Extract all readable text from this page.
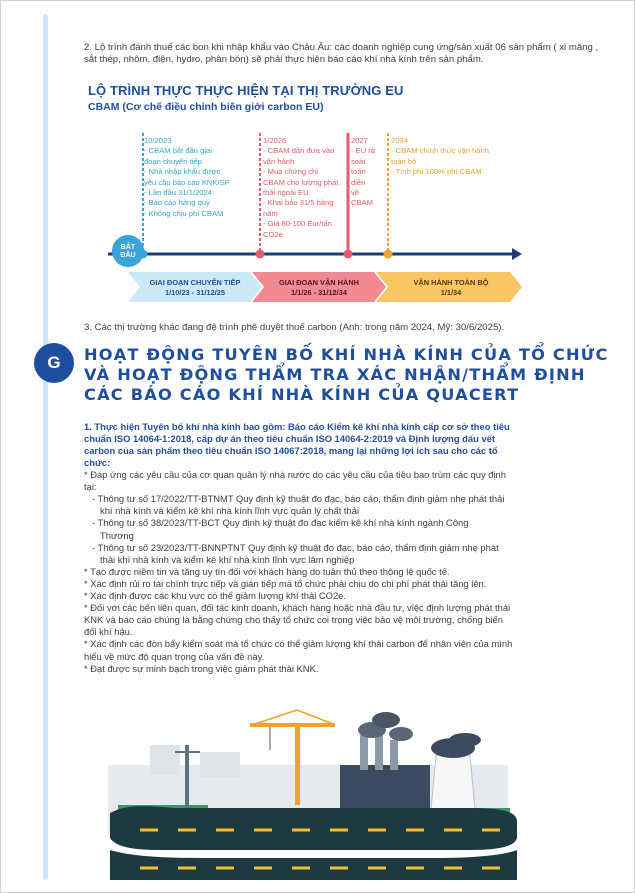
2. Lộ trình đánh thuế các bon khi nhập khẩu vào Châu Âu: các doanh nghiệp cung ứng/sản xuất 06 sản phẩm ( xi măng , sắt thép, nhôm, điện, hydro, phân bón) sẽ phải thực hiện báo cáo khí nhà kính trên sản phẩm.
LỘ TRÌNH THỰC THỰC HIỆN TẠI THỊ TRƯỜNG EU
CBAM (Cơ chế điều chỉnh biên giới carbon EU)
BẮT ĐẦU
10/2023
- CBAM bắt đầu giai
đoạn chuyển tiếp
- Nhà nhập khẩu được
yêu cầu báo cáo KNK/SP
- Lần đầu 31/1/2024
- Báo cáo hàng quý
- Không chịu phí CBAM
1/2026
- CBAM dần đưa vào
vận hành
- Mua chứng chỉ
CBAM cho lượng phát
thải ngoài EU
- Khai báo 31/5 hàng
năm
- Giá 80-100 Eur/tấn
CO2e
2027
- EU rà
soát
toàn
diện
về
CBAM
2034
- CBAM chính thức vận hành
toàn bộ
- Tính phí 100% phí CBAM
GIAI ĐOẠN CHUYỂN TIẾP
1/10/23 - 31/12/25
GIAI ĐOẠN VẬN HÀNH
1/1/26 - 31/12/34
VẬN HÀNH TOÀN BỘ
1/1/34
3. Các thị trường khác đang đệ trình phê duyệt thuế carbon (Anh: trong năm 2024, Mỹ: 30/6/2025).
G	HOẠT ĐỘNG TUYÊN BỐ KHÍ NHÀ KÍNH CỦA TỔ CHỨC
VÀ HOẠT ĐỘNG THẨM TRA XÁC NHẬN/THẨM ĐỊNH
CÁC BÁO CÁO KHÍ NHÀ KÍNH CỦA QUACERT
1. Thực hiện Tuyên bố khí nhà kính bao gồm: Báo cáo Kiểm kê khí nhà kính cấp cơ sở theo tiêu
chuẩn ISO 14064-1:2018, cấp dự án theo tiêu chuẩn ISO 14064-2:2019 và Định lượng dấu vết
carbon của sản phẩm theo tiêu chuẩn ISO 14067:2018, mang lại những lợi ích sau cho các tổ
chức:
* Đáp ứng các yêu cầu của cơ quan quản lý nhà nước do các yêu cầu của tiêu bao trùm các quy định
tại:
- Thông tư số 17/2022/TT-BTNMT Quy định kỹ thuật đo đạc, báo cáo, thẩm định giảm nhẹ phát thải
khí nhà kính và kiểm kê khí nhà kính lĩnh vực quản lý chất thải
- Thông tư số 38/2023/TT-BCT Quy định kỹ thuật đo đạc kiểm kê khí nhà kính ngành Công
Thương
- Thông tư số 23/2023/TT-BNNPTNT Quy định kỹ thuật đo đạc, báo cáo, thẩm định giảm nhẹ phát
thải khí nhà kính và kiểm kê khí nhà kính lĩnh vực lâm nghiệp
* Tạo được niềm tin và tăng uy tín đối với khách hàng do tuân thủ theo thông lệ quốc tế.
* Xác định rủi ro tài chính trực tiếp và gián tiếp mà tổ chức phải chịu do chi phí phát thải tăng lên.
* Xác định được các khu vực có thể giảm lượng khí thải CO2e.
* Đối với các bên liên quan, đối tác kinh doanh, khách hàng hoặc nhà đầu tư, việc định lượng phát thải
KNK và báo cáo chúng là bằng chứng cho thấy tổ chức coi trọng việc bảo vệ môi trường, chống biến
đổi khí hậu.
* Xác định các đòn bẩy kiểm soát mà tổ chức có thể giảm lượng khí thải carbon để nhân viên của mình
hiểu về mức độ quan trọng của vấn đề này.
* Đạt được sự minh bạch trong việc giảm phát thải KNK.
